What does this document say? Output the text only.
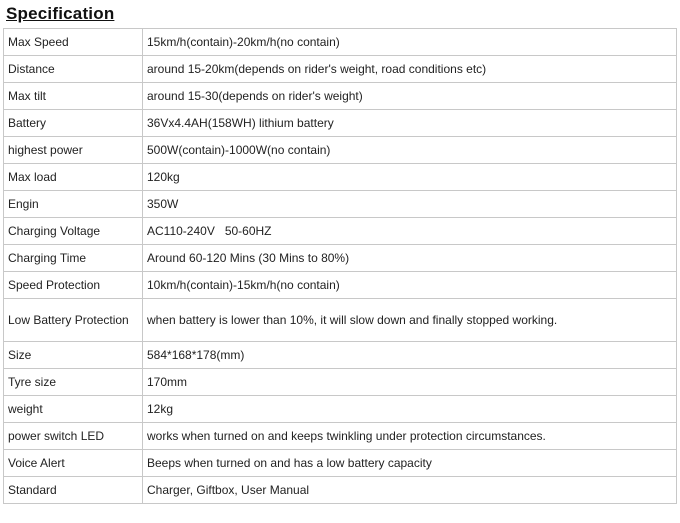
Specification
Max Speed	15km/h(contain)-20km/h(no contain)
Distance	around 15-20km(depends on rider's weight, road conditions etc)
Max tilt	around 15-30(depends on rider's weight)
Battery	36Vx4.4AH(158WH) lithium battery
highest power	500W(contain)-1000W(no contain)
Max load	120kg
Engin	350W
Charging Voltage	AC110-240V   50-60HZ
Charging Time	Around 60-120 Mins (30 Mins to 80%)
Speed Protection	10km/h(contain)-15km/h(no contain)
Low Battery Protection	when battery is lower than 10%, it will slow down and finally stopped working.
Size	584*168*178(mm)
Tyre size	170mm
weight	12kg
power switch LED	works when turned on and keeps twinkling under protection circumstances.
Voice Alert	Beeps when turned on and has a low battery capacity
Standard	Charger, Giftbox, User Manual
